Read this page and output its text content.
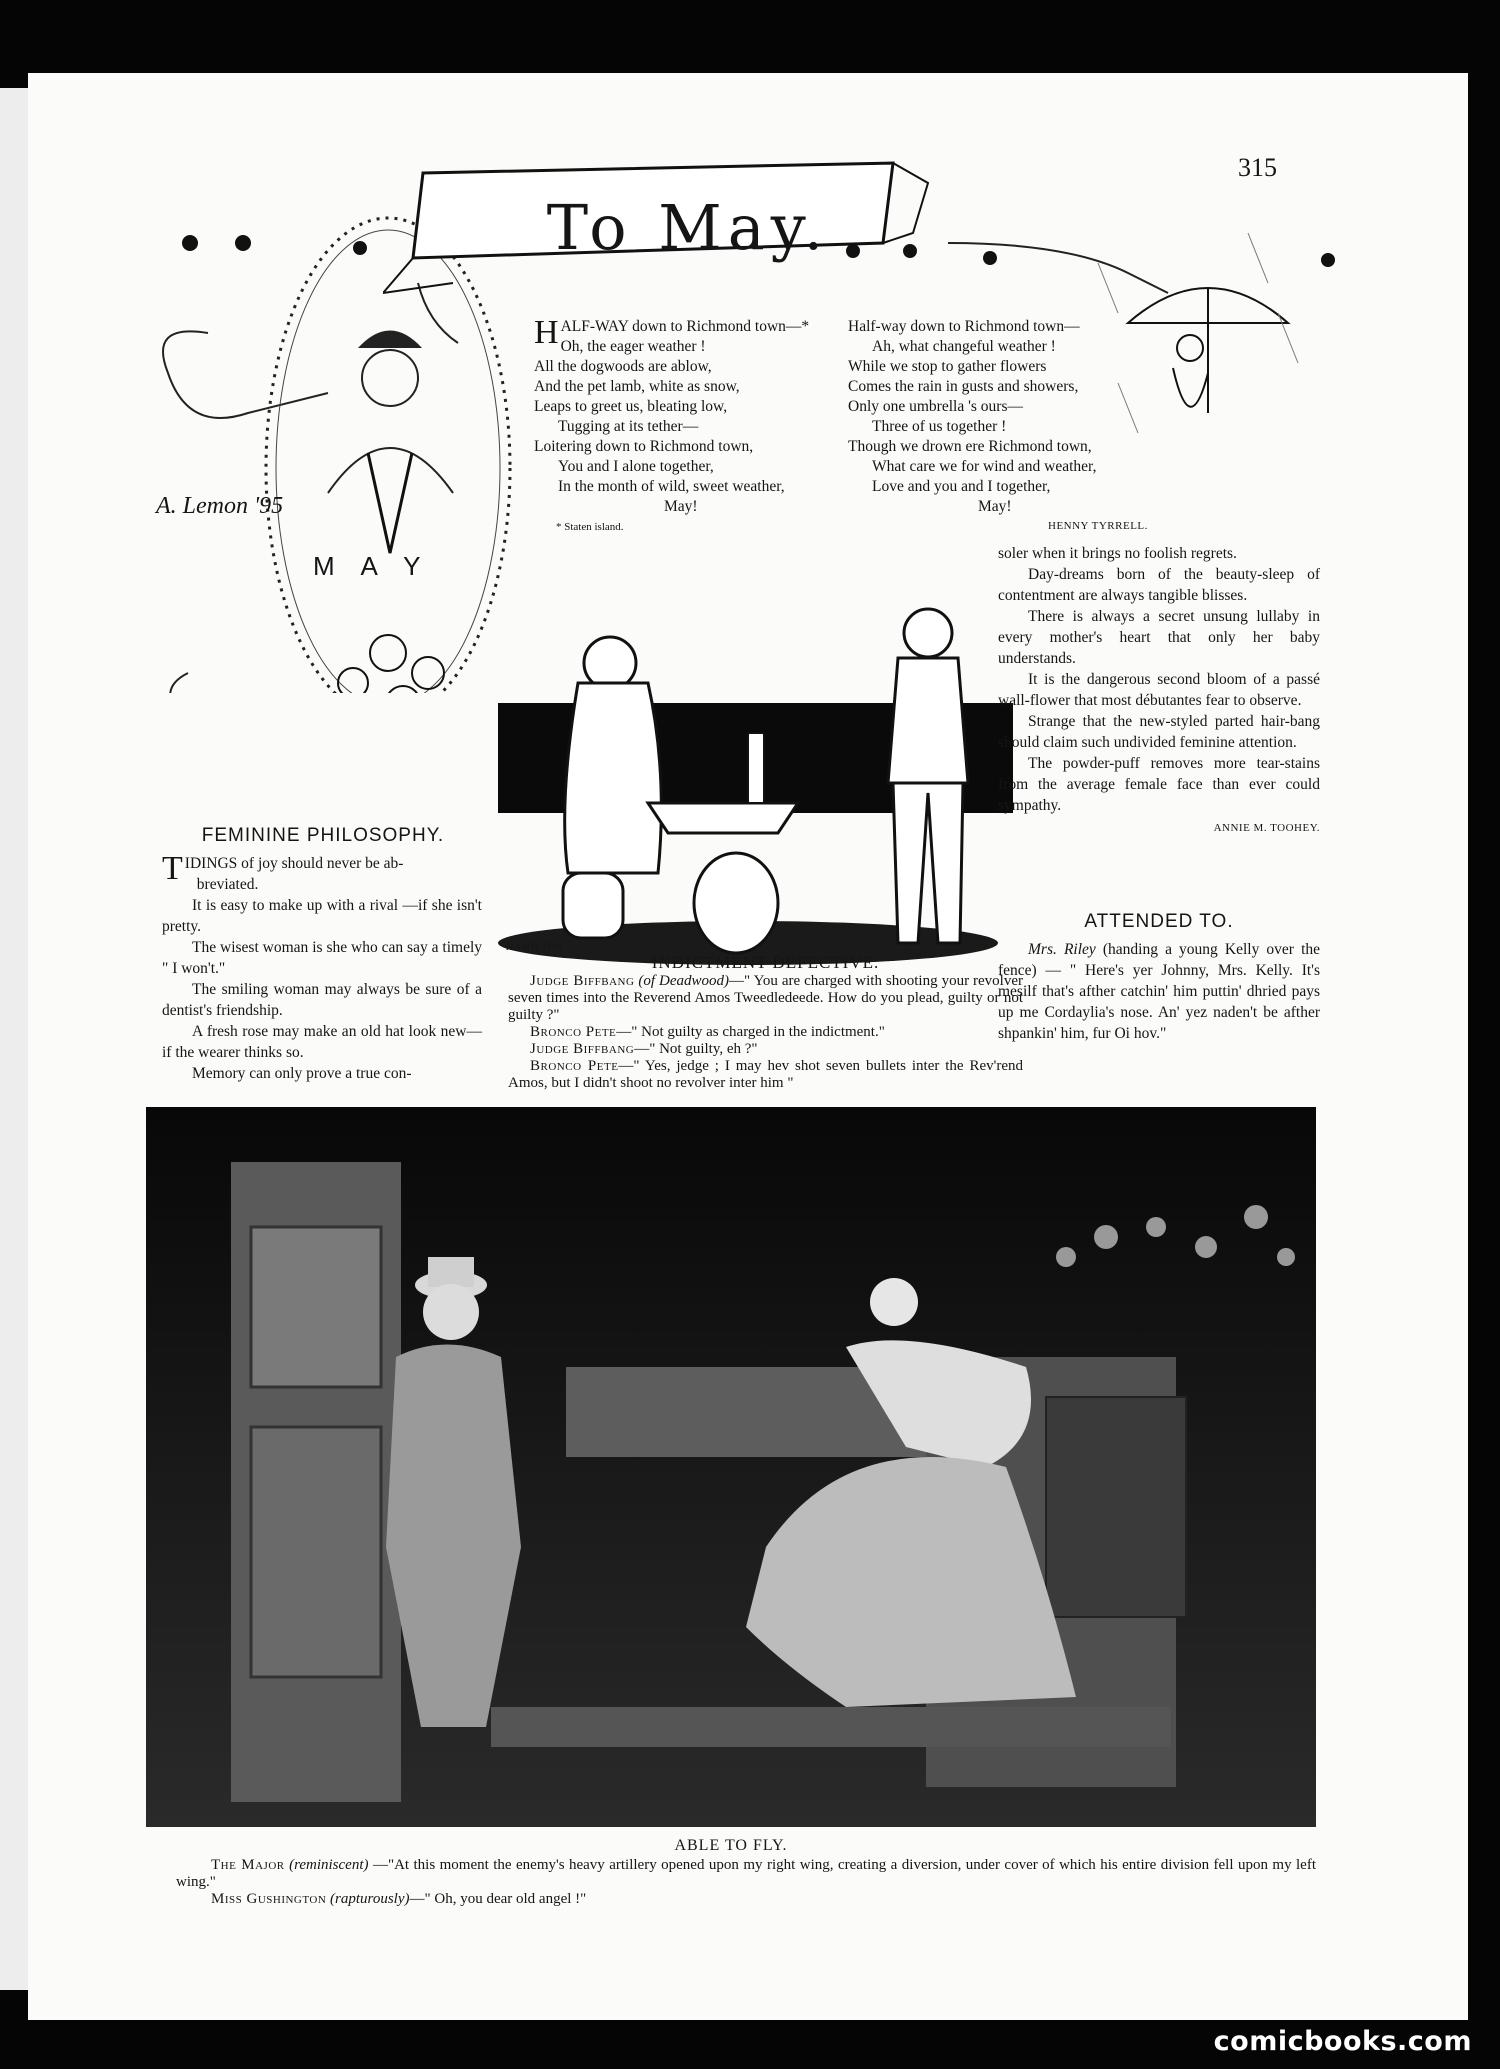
315
To May.
A. Lemon '95
M A Y
HALF-WAY down to Richmond town—*
Oh, the eager weather !
All the dogwoods are ablow,
And the pet lamb, white as snow,
Leaps to greet us, bleating low,
Tugging at its tether—
Loitering down to Richmond town,
You and I alone together,
In the month of wild, sweet weather,
May!
* Staten island.
Half-way down to Richmond town—
Ah, what changeful weather !
While we stop to gather flowers
Comes the rain in gusts and showers,
Only one umbrella 's ours—
Three of us together !
Though we drown ere Richmond town,
What care we for wind and weather,
Love and you and I together,
May!
HENNY TYRRELL.
HAMILTON
FEMININE PHILOSOPHY.

TIDINGS of joy should never be ab-
breviated.

It is easy to make up with a rival —if she isn't pretty.

The wisest woman is she who can say a timely " I won't."

The smiling woman may always be sure of a dentist's friendship.

A fresh rose may make an old hat look new—if the wearer thinks so.

Memory can only prove a true con-

soler when it brings no foolish regrets.

Day-dreams born of the beauty-sleep of contentment are always tangible blisses.

There is always a secret unsung lullaby in every mother's heart that only her baby understands.

It is the dangerous second bloom of a passé wall-flower that most débutantes fear to observe.

Strange that the new-styled parted hair-bang should claim such undivided feminine attention.

The powder-puff removes more tear-stains from the average female face than ever could sympathy.

ANNIE M. TOOHEY.
ATTENDED TO.

Mrs. Riley (handing a young Kelly over the fence) — " Here's yer Johnny, Mrs. Kelly. It's mesilf that's afther catchin' him puttin' dhried pays up me Cordaylia's nose. An' yez naden't be afther shpankin' him, fur Oi hov."

INDICTMENT DEFECTIVE.

Judge Biffbang (of Deadwood)—" You are charged with shooting your revolver seven times into the Reverend Amos Tweedledeede. How do you plead, guilty or not guilty ?"

Bronco Pete—" Not guilty as charged in the indictment."

Judge Biffbang—" Not guilty, eh ?"

Bronco Pete—" Yes, jedge ; I may hev shot seven bullets inter the Rev'rend Amos, but I didn't shoot no revolver inter him "

ABLE TO FLY.

The Major (reminiscent) —"At this moment the enemy's heavy artillery opened upon my right wing, creating a diversion, under cover of which his entire division fell upon my left wing."

Miss Gushington (rapturously)—" Oh, you dear old angel !"

comicbooks.com
